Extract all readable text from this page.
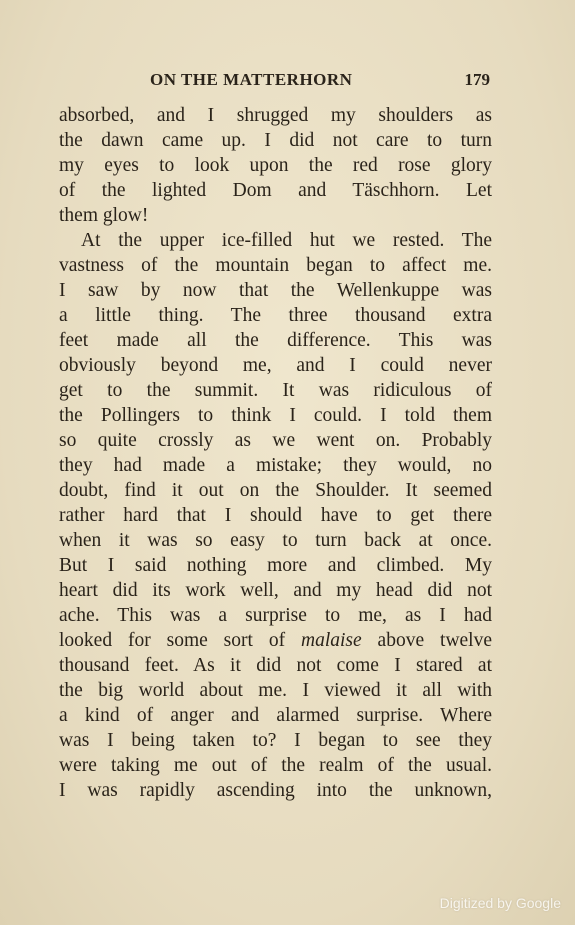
ON THE MATTERHORN	179
absorbed, and I shrugged my shoulders as
the dawn came up. I did not care to turn
my eyes to look upon the red rose glory
of the lighted Dom and Täschhorn. Let
them glow!
At the upper ice-filled hut we rested. The
vastness of the mountain began to affect me.
I saw by now that the Wellenkuppe was
a little thing. The three thousand extra
feet made all the difference. This was
obviously beyond me, and I could never
get to the summit. It was ridiculous of
the Pollingers to think I could. I told them
so quite crossly as we went on. Probably
they had made a mistake; they would, no
doubt, find it out on the Shoulder. It seemed
rather hard that I should have to get there
when it was so easy to turn back at once.
But I said nothing more and climbed. My
heart did its work well, and my head did not
ache. This was a surprise to me, as I had
looked for some sort of malaise above twelve
thousand feet. As it did not come I stared at
the big world about me. I viewed it all with
a kind of anger and alarmed surprise. Where
was I being taken to? I began to see they
were taking me out of the realm of the usual.
I was rapidly ascending into the unknown,
Digitized by Google
